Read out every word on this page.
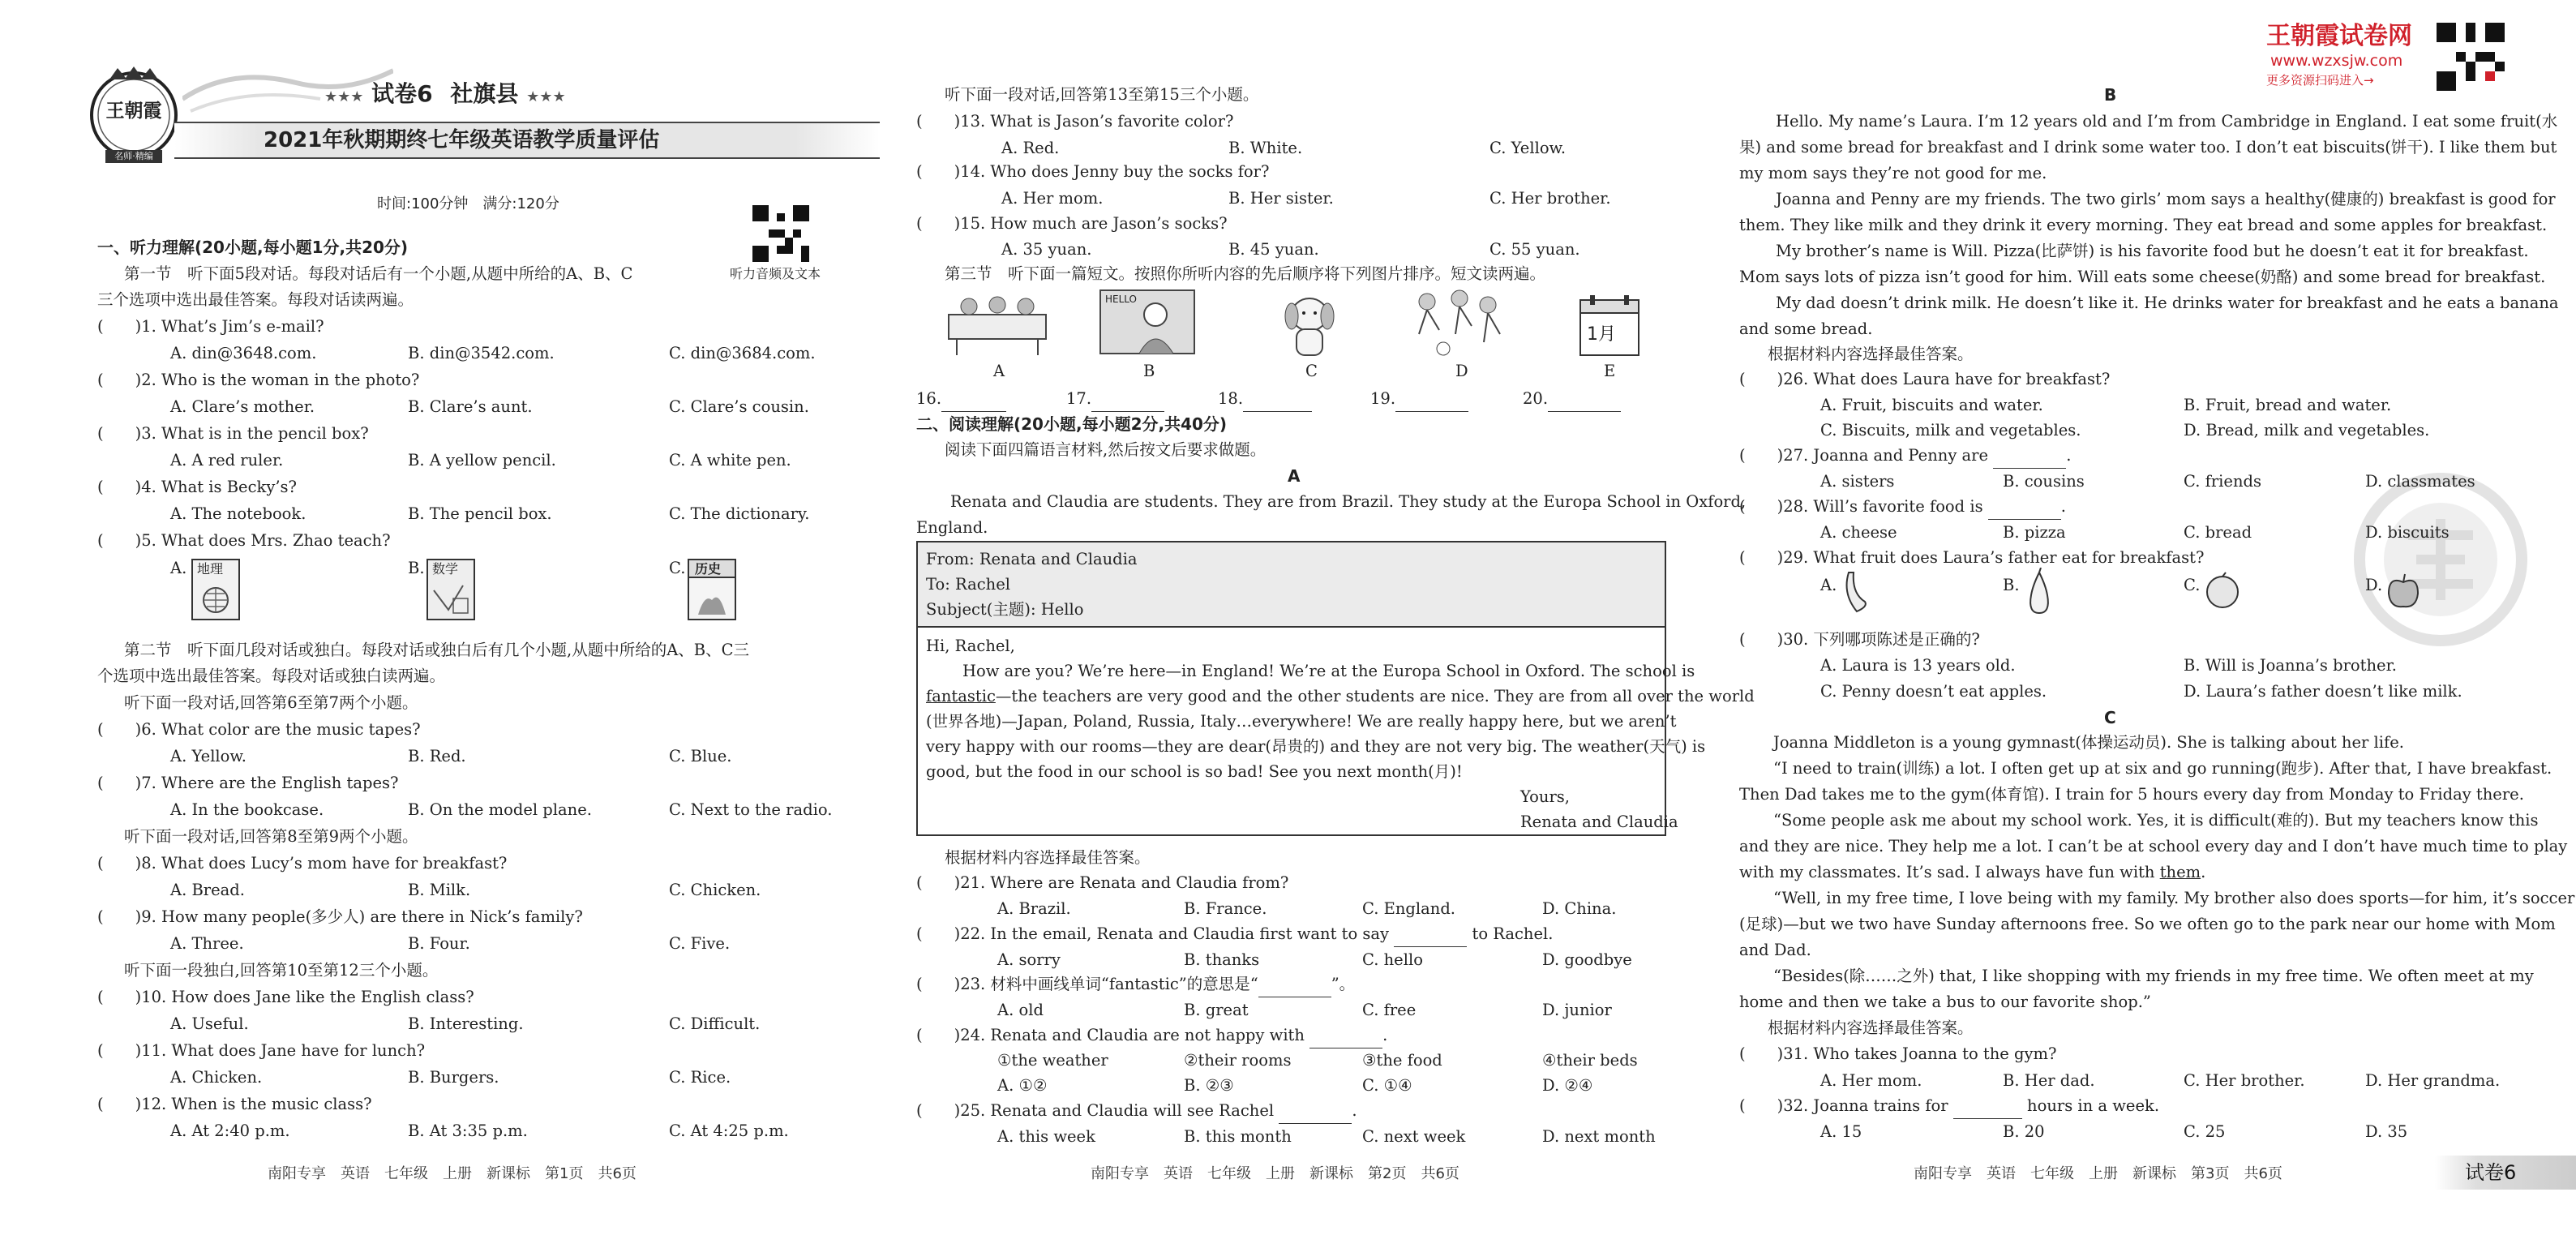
王朝霞
名师·精编
★★★ 试卷6 社旗县 ★★★
2021年秋期期终七年级英语教学质量评估
时间:100分钟　满分:120分
听力音频及文本
一、听力理解(20小题,每小题1分,共20分)
第一节　听下面5段对话。每段对话后有一个小题,从题中所给的A、B、C
三个选项中选出最佳答案。每段对话读两遍。
(　　)1. What’s Jim’s e-mail?
A. din@3648.com.	B. din@3542.com.	C. din@3684.com.
(　　)2. Who is the woman in the photo?
A. Clare’s mother.	B. Clare’s aunt.	C. Clare’s cousin.
(　　)3. What is in the pencil box?
A. A red ruler.	B. A yellow pencil.	C. A white pen.
(　　)4. What is Becky’s?
A. The notebook.	B. The pencil box.	C. The dictionary.
(　　)5. What does Mrs. Zhao teach?
A. 地理	B. 数学	C. 历史
第二节　听下面几段对话或独白。每段对话或独白后有几个小题,从题中所给的A、B、C三
个选项中选出最佳答案。每段对话或独白读两遍。
听下面一段对话,回答第6至第7两个小题。
(　　)6. What color are the music tapes?
A. Yellow.	B. Red.	C. Blue.
(　　)7. Where are the English tapes?
A. In the bookcase.	B. On the model plane.	C. Next to the radio.
听下面一段对话,回答第8至第9两个小题。
(　　)8. What does Lucy’s mom have for breakfast?
A. Bread.	B. Milk.	C. Chicken.
(　　)9. How many people(多少人) are there in Nick’s family?
A. Three.	B. Four.	C. Five.
听下面一段独白,回答第10至第12三个小题。
(　　)10. How does Jane like the English class?
A. Useful.	B. Interesting.	C. Difficult.
(　　)11. What does Jane have for lunch?
A. Chicken.	B. Burgers.	C. Rice.
(　　)12. When is the music class?
A. At 2:40 p.m.	B. At 3:35 p.m.	C. At 4:25 p.m.
南阳专享　英语　七年级　上册　新课标　第1页　共6页
听下面一段对话,回答第13至第15三个小题。
(　　)13. What is Jason’s favorite color?
A. Red.	B. White.	C. Yellow.
(　　)14. Who does Jenny buy the socks for?
A. Her mom.	B. Her sister.	C. Her brother.
(　　)15. How much are Jason’s socks?
A. 35 yuan.	B. 45 yuan.	C. 55 yuan.
第三节　听下面一篇短文。按照你所听内容的先后顺序将下列图片排序。短文读两遍。
HELLO
1月
A	B	C	D	E
16.	17.	18.	19.	20.
二、阅读理解(20小题,每小题2分,共40分)
阅读下面四篇语言材料,然后按文后要求做题。
A
Renata and Claudia are students. They are from Brazil. They study at the Europa School in Oxford,
England.
From: Renata and Claudia
To: Rachel
Subject(主题): Hello
Hi, Rachel,
How are you? We’re here—in England! We’re at the Europa School in Oxford. The school is
fantastic—the teachers are very good and the other students are nice. They are from all over the world
(世界各地)—Japan, Poland, Russia, Italy…everywhere! We are really happy here, but we aren’t
very happy with our rooms—they are dear(昂贵的) and they are not very big. The weather(天气) is
good, but the food in our school is so bad! See you next month(月)!
Yours,
Renata and Claudia
根据材料内容选择最佳答案。
(　　)21. Where are Renata and Claudia from?
A. Brazil.	B. France.	C. England.	D. China.
(　　)22. In the email, Renata and Claudia first want to say	to Rachel.
A. sorry	B. thanks	C. hello	D. goodbye
(　　)23. 材料中画线单词“fantastic”的意思是“	”。
A. old	B. great	C. free	D. junior
(　　)24. Renata and Claudia are not happy with	.
①the weather	②their rooms	③the food	④their beds
A. ①②	B. ②③	C. ①④	D. ②④
(　　)25. Renata and Claudia will see Rachel	.
A. this week	B. this month	C. next week	D. next month
南阳专享　英语　七年级　上册　新课标　第2页　共6页
B
Hello. My name’s Laura. I’m 12 years old and I’m from Cambridge in England. I eat some fruit(水
果) and some bread for breakfast and I drink some water too. I don’t eat biscuits(饼干). I like them but
my mom says they’re not good for me.
Joanna and Penny are my friends. The two girls’ mom says a healthy(健康的) breakfast is good for
them. They like milk and they drink it every morning. They eat bread and some apples for breakfast.
My brother’s name is Will. Pizza(比萨饼) is his favorite food but he doesn’t eat it for breakfast.
Mom says lots of pizza isn’t good for him. Will eats some cheese(奶酪) and some bread for breakfast.
My dad doesn’t drink milk. He doesn’t like it. He drinks water for breakfast and he eats a banana
and some bread.
根据材料内容选择最佳答案。
(　　)26. What does Laura have for breakfast?
A. Fruit, biscuits and water.	B. Fruit, bread and water.
C. Biscuits, milk and vegetables.	D. Bread, milk and vegetables.
(　　)27. Joanna and Penny are	.
A. sisters	B. cousins	C. friends	D. classmates
(　　)28. Will’s favorite food is	.
A. cheese	B. pizza	C. bread	D. biscuits
(　　)29. What fruit does Laura’s father eat for breakfast?
A.	B.	C.	D.
(　　)30. 下列哪项陈述是正确的?
A. Laura is 13 years old.	B. Will is Joanna’s brother.
C. Penny doesn’t eat apples.	D. Laura’s father doesn’t like milk.
C
Joanna Middleton is a young gymnast(体操运动员). She is talking about her life.
“I need to train(训练) a lot. I often get up at six and go running(跑步). After that, I have breakfast.
Then Dad takes me to the gym(体育馆). I train for 5 hours every day from Monday to Friday there.
“Some people ask me about my school work. Yes, it is difficult(难的). But my teachers know this
and they are nice. They help me a lot. I can’t be at school every day and I don’t have much time to play
with my classmates. It’s sad. I always have fun with them.
“Well, in my free time, I love being with my family. My brother also does sports—for him, it’s soccer
(足球)—but we two have Sunday afternoons free. So we often go to the park near our home with Mom
and Dad.
“Besides(除……之外) that, I like shopping with my friends in my free time. We often meet at my
home and then we take a bus to our favorite shop.”
根据材料内容选择最佳答案。
(　　)31. Who takes Joanna to the gym?
A. Her mom.	B. Her dad.	C. Her brother.	D. Her grandma.
(　　)32. Joanna trains for	hours in a week.
A. 15	B. 20	C. 25	D. 35
南阳专享　英语　七年级　上册　新课标　第3页　共6页
王朝霞试卷网
www.wzxsjw.com
更多资源扫码进入→
试卷6
